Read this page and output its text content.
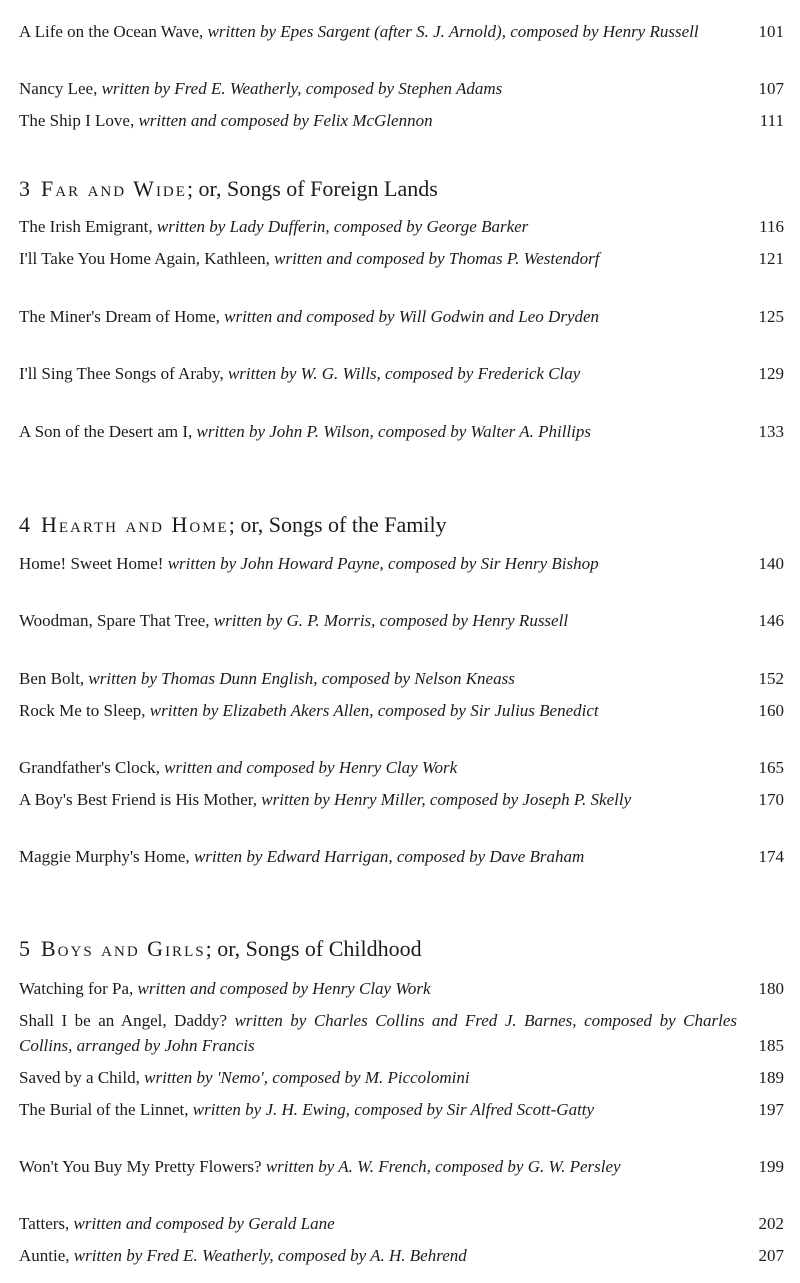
A Life on the Ocean Wave, written by Epes Sargent (after S. J. Arnold), composed by Henry Russell	101
Nancy Lee, written by Fred E. Weatherly, composed by Stephen Adams	107
The Ship I Love, written and composed by Felix McGlennon	111
3 Far and Wide; or, Songs of Foreign Lands
The Irish Emigrant, written by Lady Dufferin, composed by George Barker	116
I'll Take You Home Again, Kathleen, written and composed by Thomas P. Westendorf	121
The Miner's Dream of Home, written and composed by Will Godwin and Leo Dryden	125
I'll Sing Thee Songs of Araby, written by W. G. Wills, composed by Frederick Clay	129
A Son of the Desert am I, written by John P. Wilson, composed by Walter A. Phillips	133
4 Hearth and Home; or, Songs of the Family
Home! Sweet Home! written by John Howard Payne, composed by Sir Henry Bishop	140
Woodman, Spare That Tree, written by G. P. Morris, composed by Henry Russell	146
Ben Bolt, written by Thomas Dunn English, composed by Nelson Kneass	152
Rock Me to Sleep, written by Elizabeth Akers Allen, composed by Sir Julius Benedict	160
Grandfather's Clock, written and composed by Henry Clay Work	165
A Boy's Best Friend is His Mother, written by Henry Miller, composed by Joseph P. Skelly	170
Maggie Murphy's Home, written by Edward Harrigan, composed by Dave Braham	174
5 Boys and Girls; or, Songs of Childhood
Watching for Pa, written and composed by Henry Clay Work	180
Shall I be an Angel, Daddy? written by Charles Collins and Fred J. Barnes, composed by Charles Collins, arranged by John Francis	185
Saved by a Child, written by 'Nemo', composed by M. Piccolomini	189
The Burial of the Linnet, written by J. H. Ewing, composed by Sir Alfred Scott-Gatty	197
Won't You Buy My Pretty Flowers? written by A. W. French, composed by G. W. Persley	199
Tatters, written and composed by Gerald Lane	202
Auntie, written by Fred E. Weatherly, composed by A. H. Behrend	207
